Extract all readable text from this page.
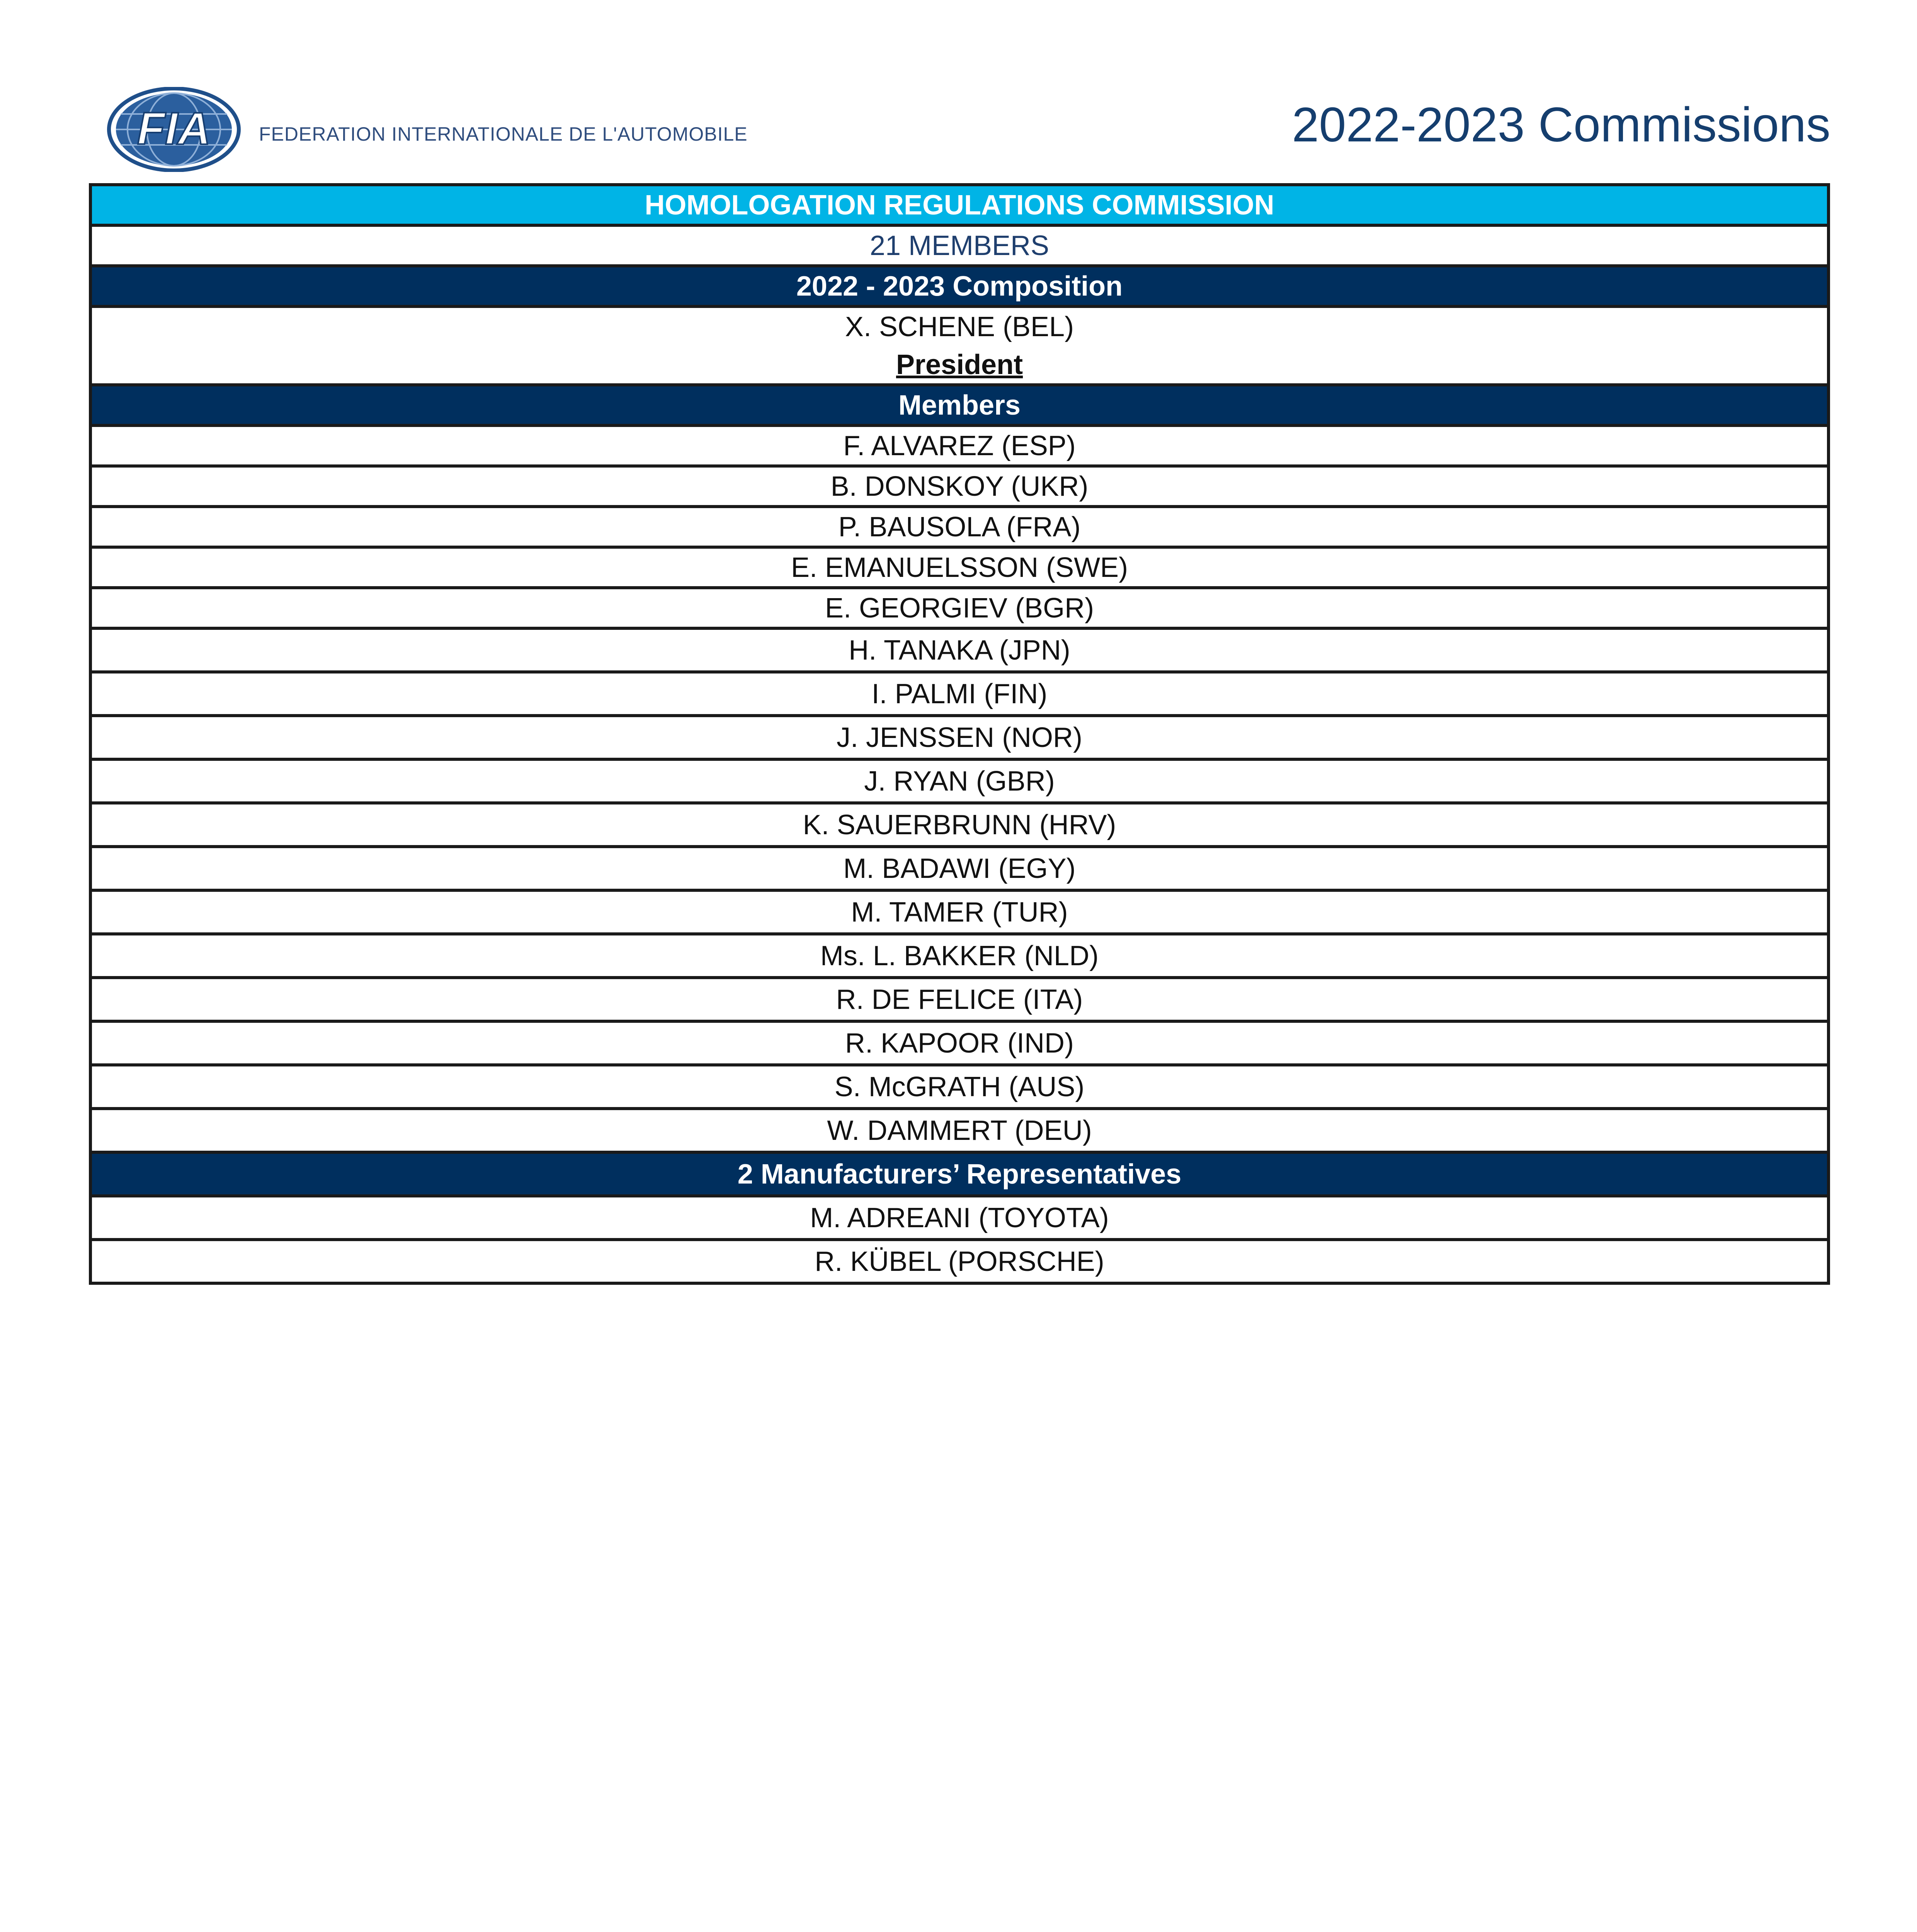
FIA FEDERATION INTERNATIONALE DE L'AUTOMOBILE	2022-2023 Commissions
HOMOLOGATION REGULATIONS COMMISSION
21 MEMBERS
2022 - 2023 Composition
X. SCHENE (BEL)
President
Members
F. ALVAREZ (ESP)
B. DONSKOY (UKR)
P. BAUSOLA (FRA)
E. EMANUELSSON (SWE)
E. GEORGIEV (BGR)
H. TANAKA (JPN)
I. PALMI (FIN)
J. JENSSEN (NOR)
J. RYAN (GBR)
K. SAUERBRUNN (HRV)
M. BADAWI (EGY)
M. TAMER (TUR)
Ms. L. BAKKER (NLD)
R. DE FELICE (ITA)
R. KAPOOR (IND)
S. McGRATH (AUS)
W. DAMMERT (DEU)
2 Manufacturers’ Representatives
M. ADREANI (TOYOTA)
R. KÜBEL (PORSCHE)
